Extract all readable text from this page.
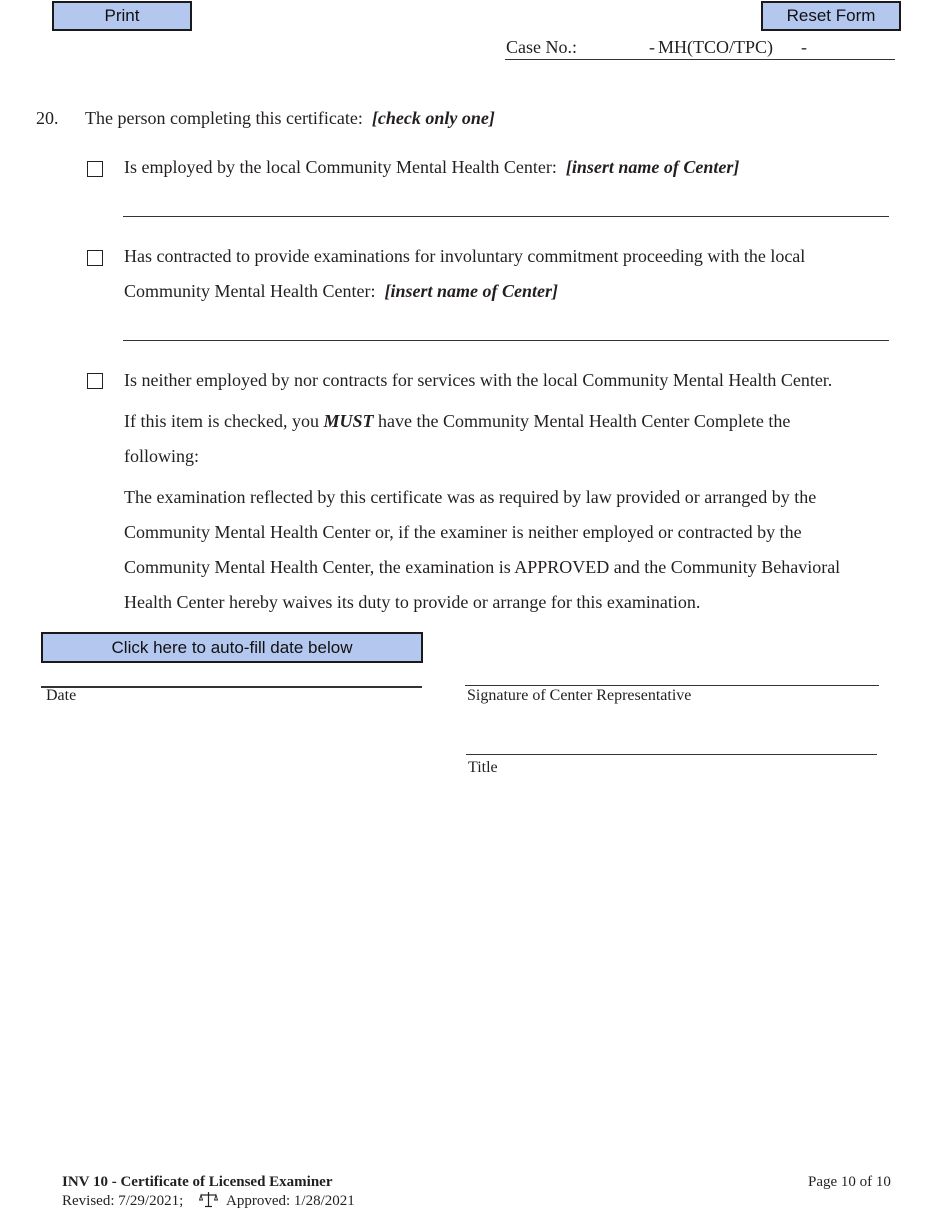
Print	Reset Form
Case No.:	- MH(TCO/TPC) -
20. The person completing this certificate: [check only one]
Is employed by the local Community Mental Health Center: [insert name of Center]
Has contracted to provide examinations for involuntary commitment proceeding with the local
Community Mental Health Center: [insert name of Center]
Is neither employed by nor contracts for services with the local Community Mental Health Center.
If this item is checked, you MUST have the Community Mental Health Center Complete the
following:
The examination reflected by this certificate was as required by law provided or arranged by the
Community Mental Health Center or, if the examiner is neither employed or contracted by the
Community Mental Health Center, the examination is APPROVED and the Community Behavioral
Health Center hereby waives its duty to provide or arrange for this examination.
Click here to auto-fill date below
Date	Signature of Center Representative
Title
INV 10 - Certificate of Licensed Examiner
Revised: 7/29/2021;	Approved: 1/28/2021
Page 10 of 10
